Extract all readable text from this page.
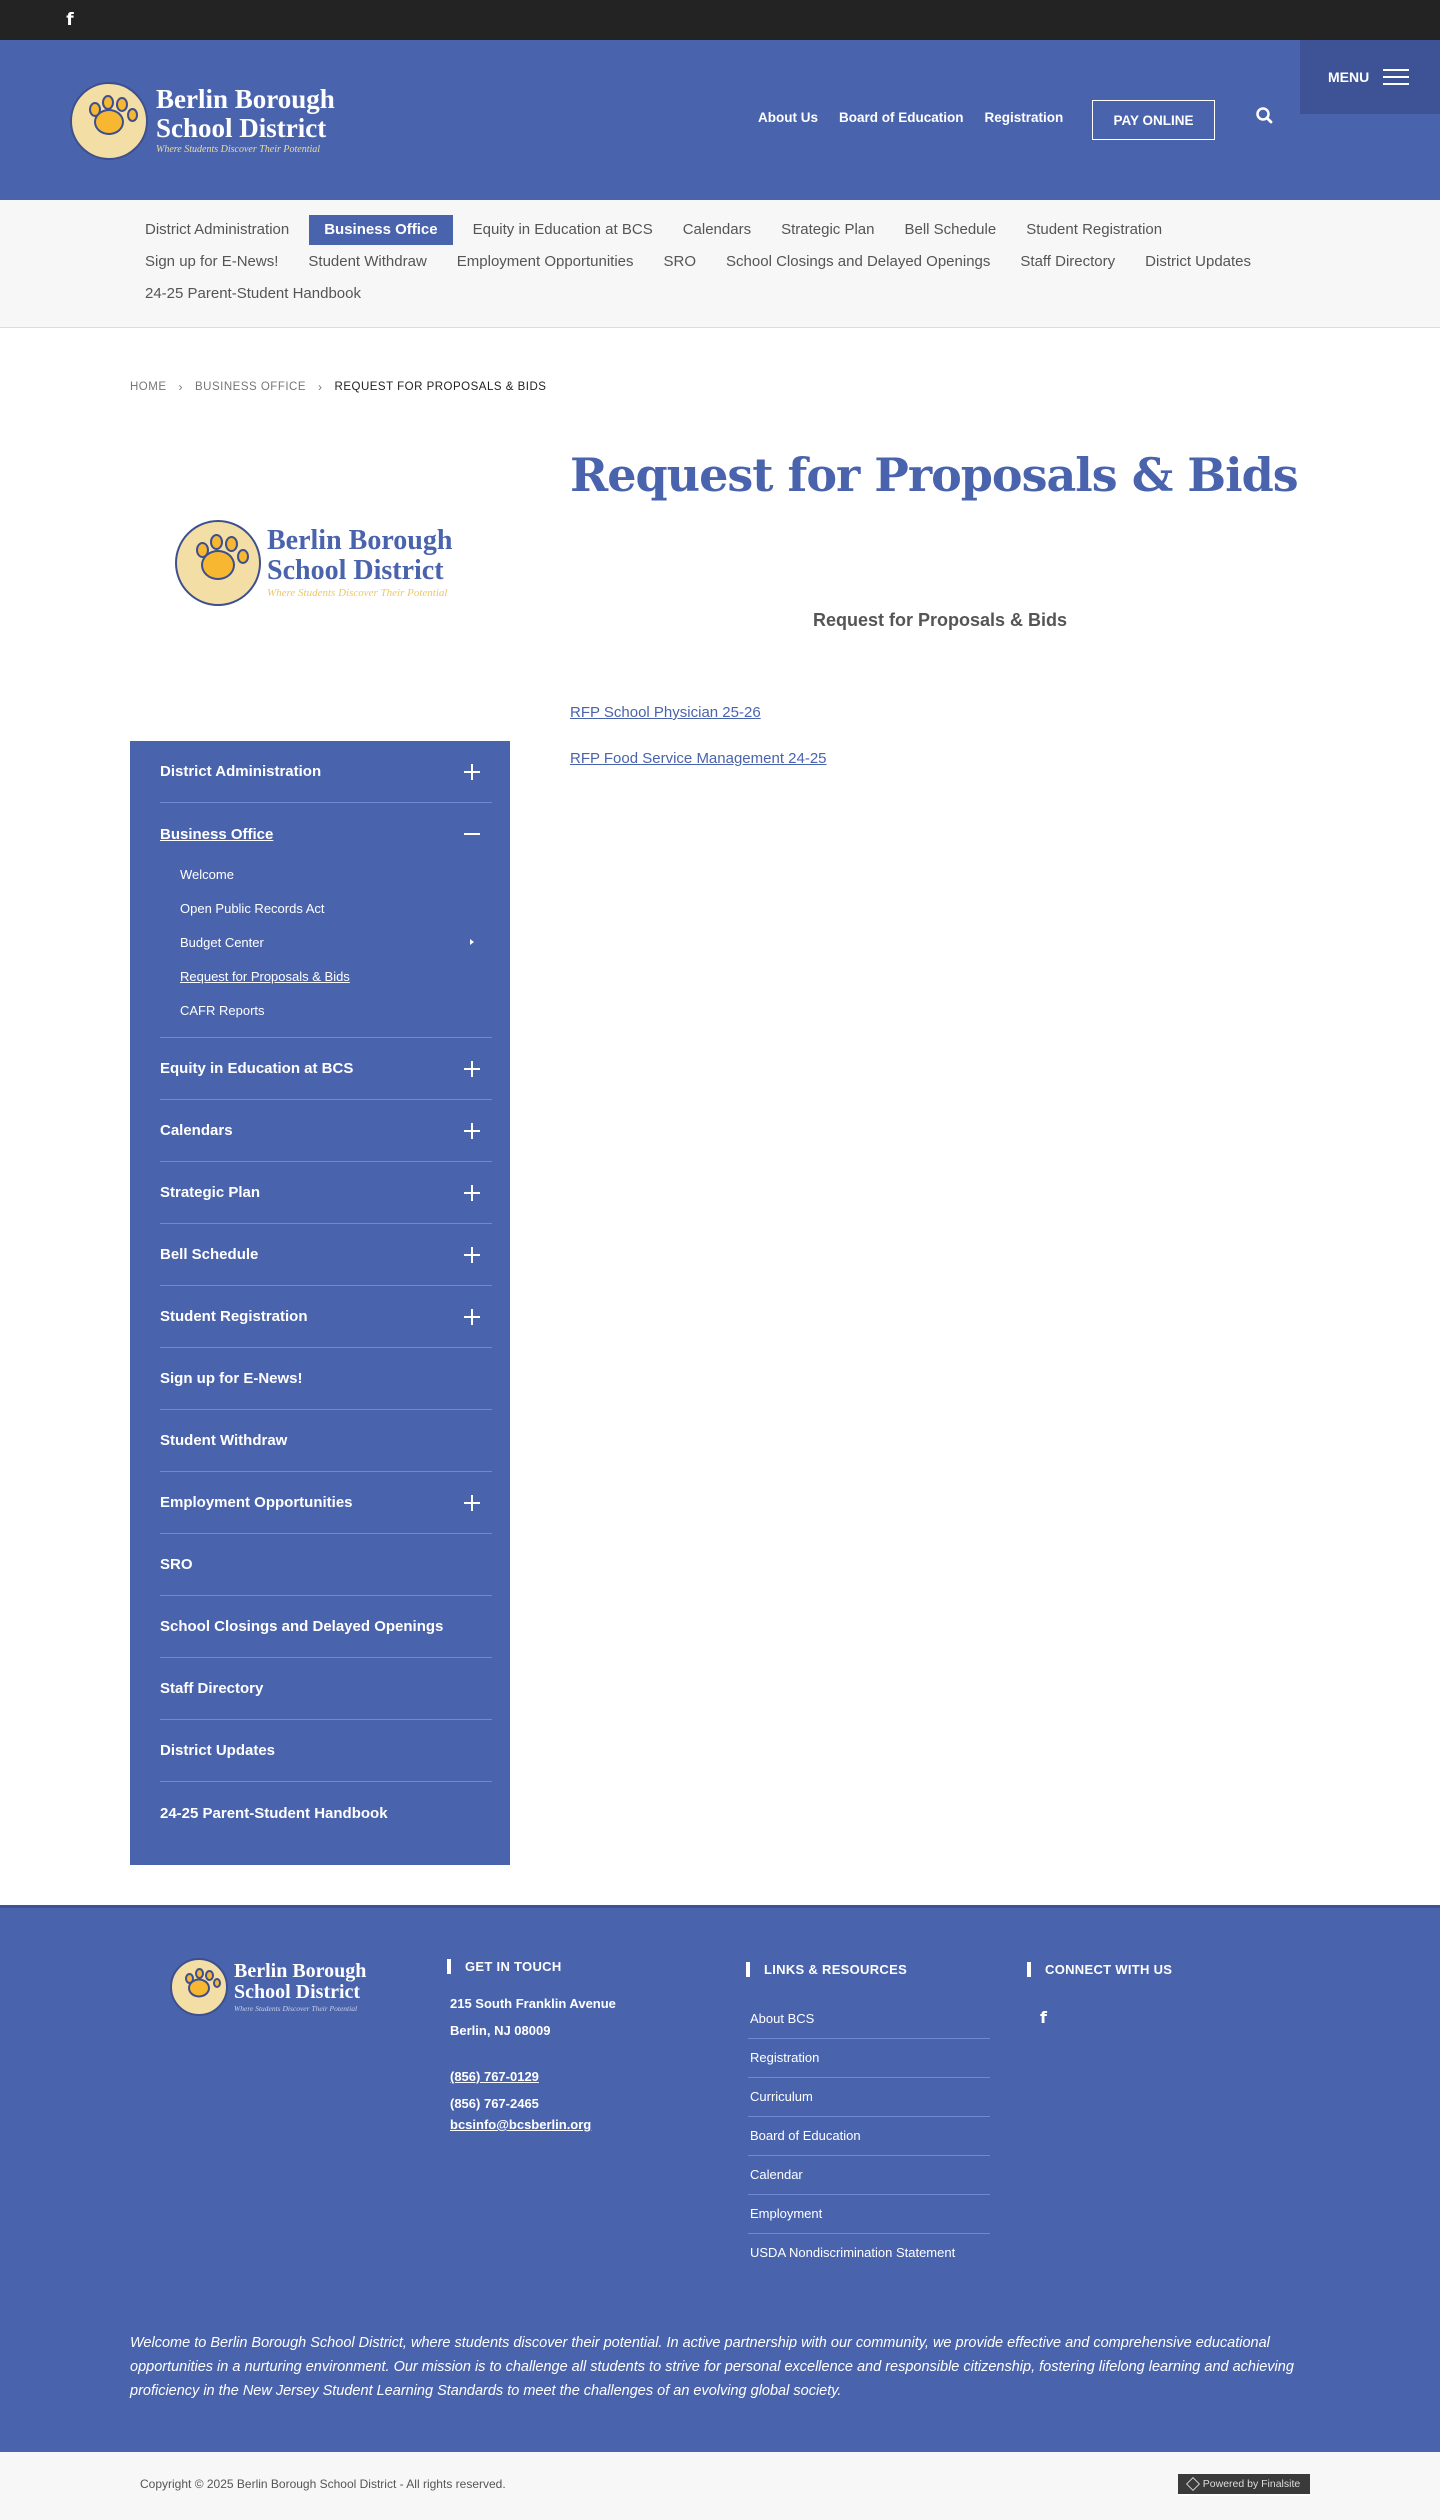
f
Berlin Borough
School District
Where Students Discover Their Potential
About Us Board of Education Registration	PAY ONLINE
MENU
District Administration	Business Office	Equity in Education at BCS	Calendars	Strategic Plan	Bell Schedule	Student Registration
Sign up for E-News!	Student Withdraw	Employment Opportunities	SRO	School Closings and Delayed Openings	Staff Directory	District Updates
24-25 Parent-Student Handbook
HOME › BUSINESS OFFICE › REQUEST FOR PROPOSALS & BIDS
Request for Proposals & Bids
Berlin Borough
School District
Where Students Discover Their Potential
District Administration
Business Office
Welcome
Open Public Records Act
Budget Center
Request for Proposals & Bids
CAFR Reports
Equity in Education at BCS
Calendars
Strategic Plan
Bell Schedule
Student Registration
Sign up for E-News!
Student Withdraw
Employment Opportunities
SRO
School Closings and Delayed Openings
Staff Directory
District Updates
24-25 Parent-Student Handbook
Request for Proposals & Bids
RFP School Physician 25-26
RFP Food Service Management 24-25
Berlin Borough
School District
Where Students Discover Their Potential
GET IN TOUCH
215 South Franklin Avenue
Berlin, NJ 08009
(856) 767-0129
(856) 767-2465
bcsinfo@bcsberlin.org
LINKS & RESOURCES
About BCS
Registration
Curriculum
Board of Education
Calendar
Employment
USDA Nondiscrimination Statement
CONNECT WITH US
f

Welcome to Berlin Borough School District, where students discover their potential. In active partnership with our community, we provide effective and comprehensive educational opportunities in a nurturing environment. Our mission is to challenge all students to strive for personal excellence and responsible citizenship, fostering lifelong learning and achieving proficiency in the New Jersey Student Learning Standards to meet the challenges of an evolving global society.

Copyright © 2025 Berlin Borough School District - All rights reserved.	Powered by Finalsite
